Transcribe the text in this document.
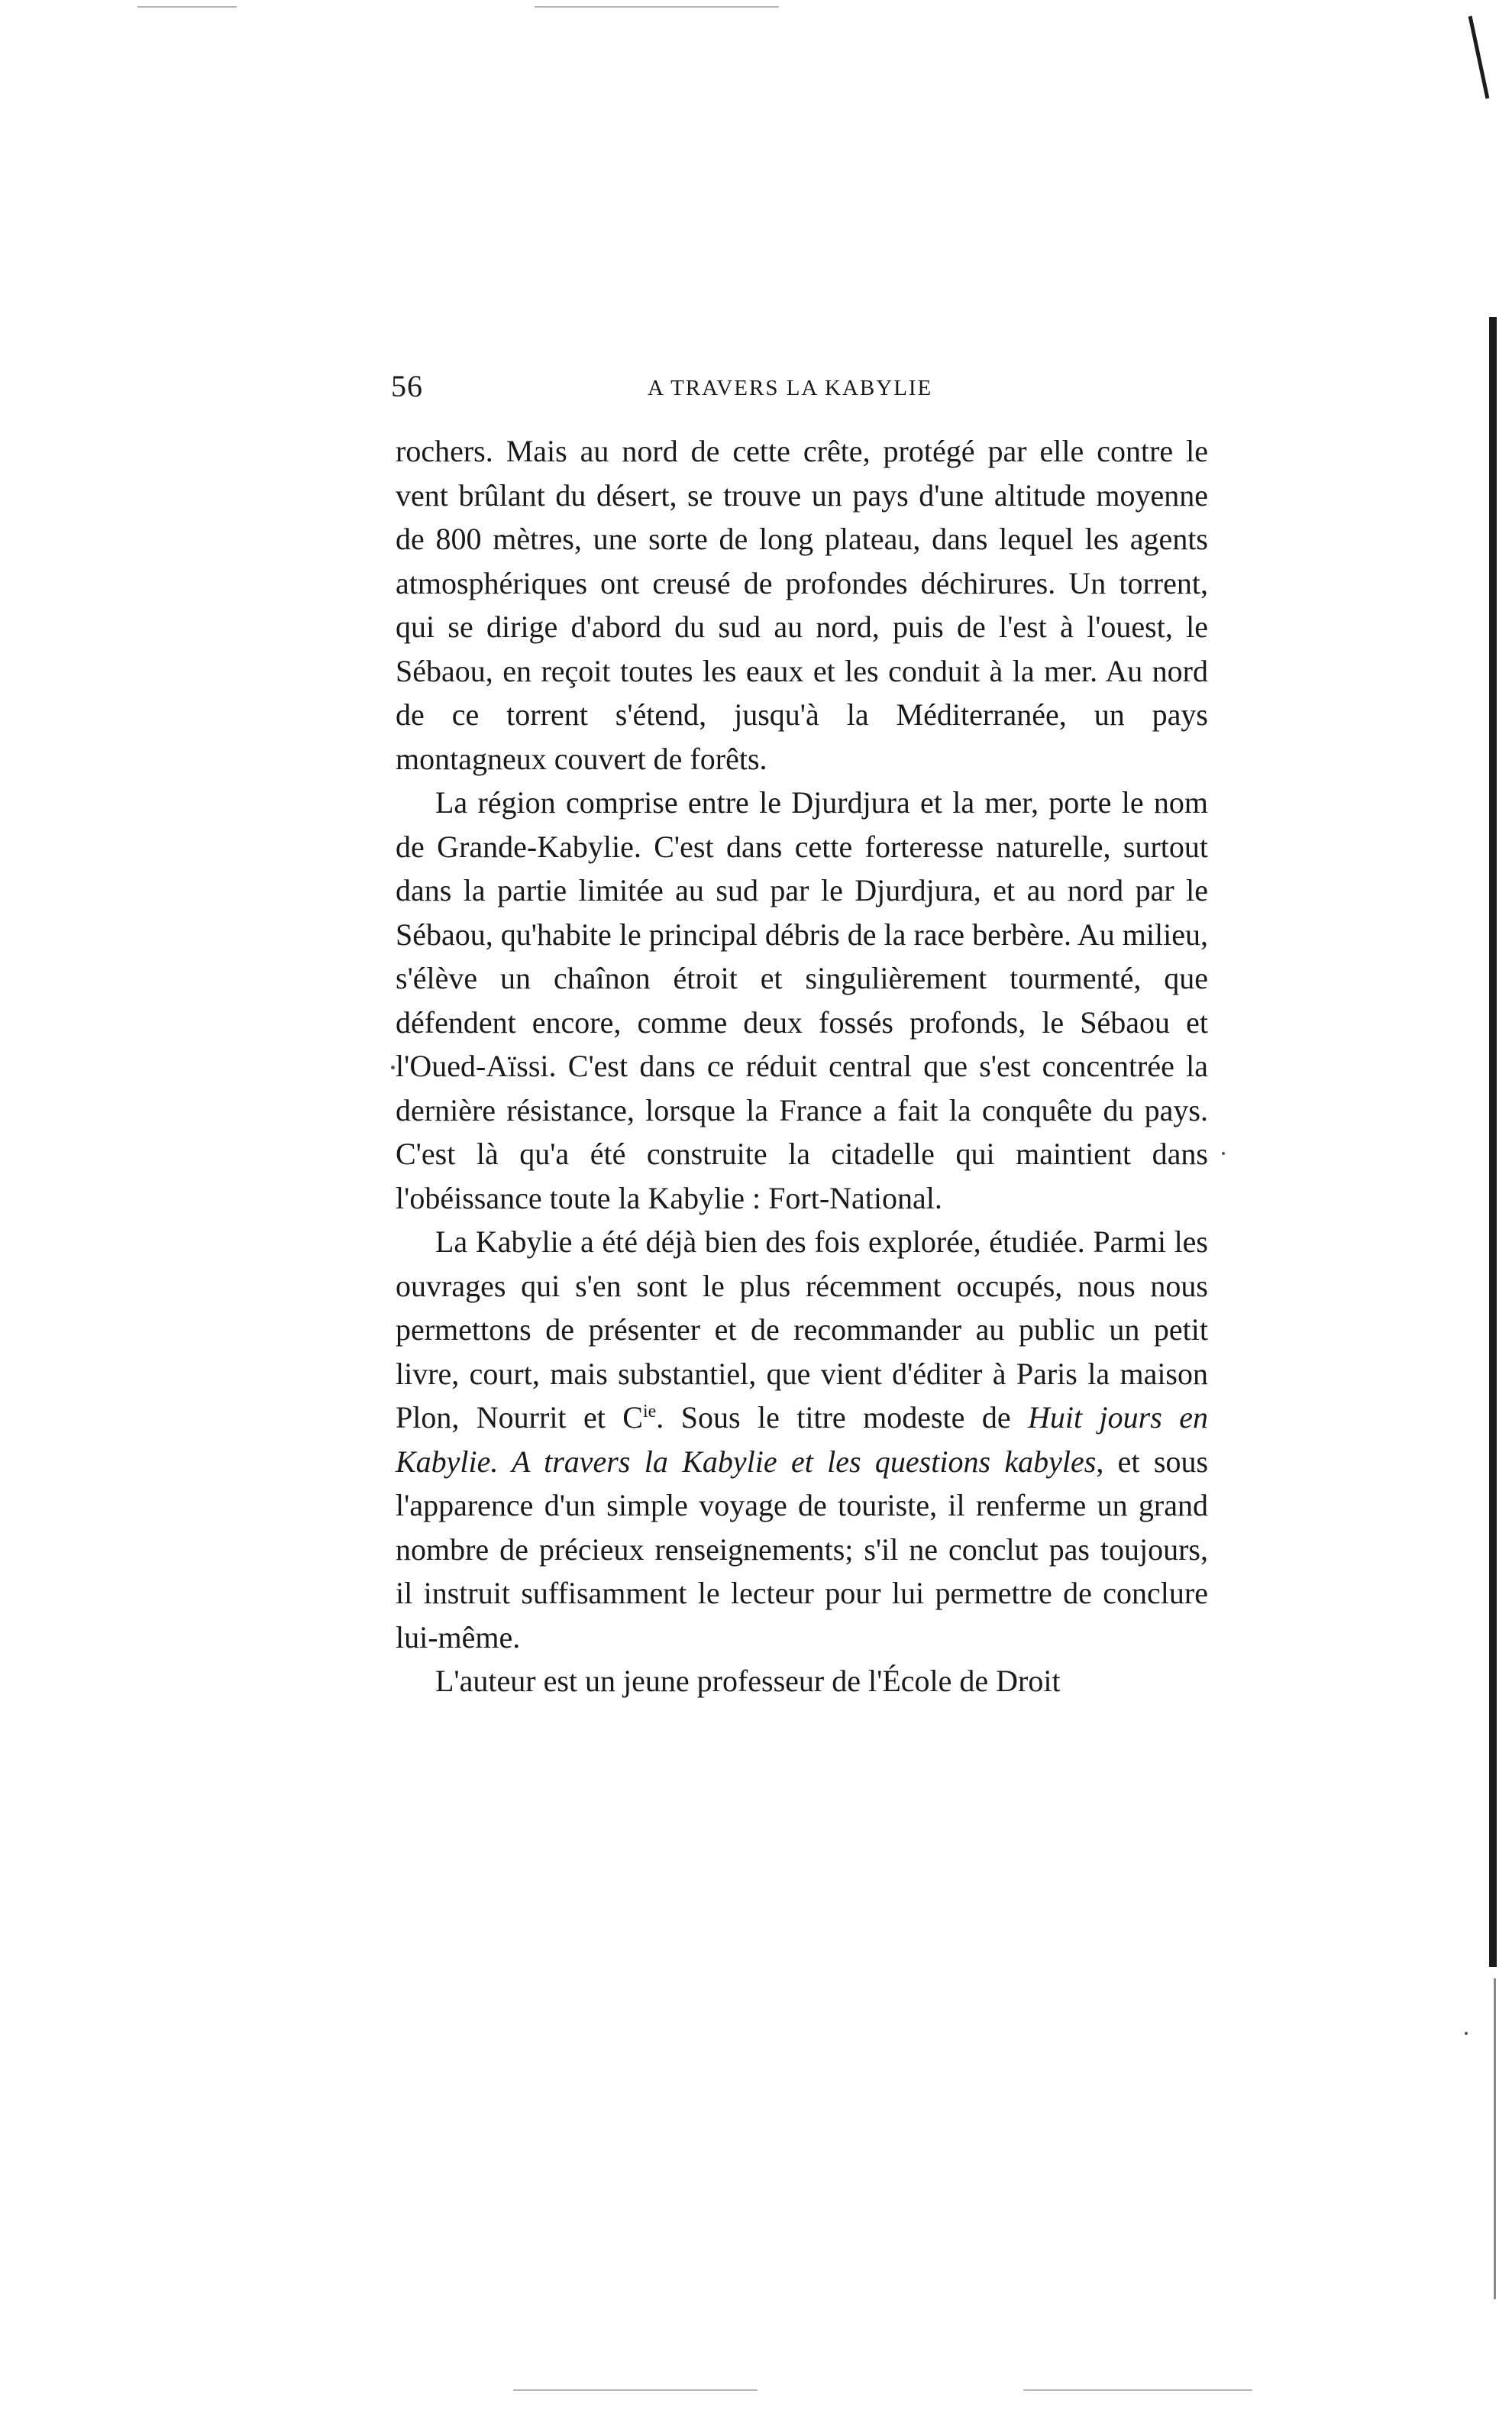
56	A TRAVERS LA KABYLIE

rochers. Mais au nord de cette crête, protégé par elle contre le vent brûlant du désert, se trouve un pays d'une altitude moyenne de 800 mètres, une sorte de long plateau, dans lequel les agents atmosphériques ont creusé de profondes déchirures. Un torrent, qui se dirige d'abord du sud au nord, puis de l'est à l'ouest, le Sébaou, en reçoit toutes les eaux et les conduit à la mer. Au nord de ce torrent s'étend, jusqu'à la Méditerranée, un pays montagneux couvert de forêts.

La région comprise entre le Djurdjura et la mer, porte le nom de Grande-Kabylie. C'est dans cette forteresse naturelle, surtout dans la partie limitée au sud par le Djurdjura, et au nord par le Sébaou, qu'habite le principal débris de la race berbère. Au milieu, s'élève un chaînon étroit et singulièrement tourmenté, que défendent encore, comme deux fossés profonds, le Sébaou et l'Oued-Aïssi. C'est dans ce réduit central que s'est concentrée la dernière résistance, lorsque la France a fait la conquête du pays. C'est là qu'a été construite la citadelle qui maintient dans l'obéissance toute la Kabylie : Fort-National.

La Kabylie a été déjà bien des fois explorée, étudiée. Parmi les ouvrages qui s'en sont le plus récemment occupés, nous nous permettons de présenter et de recommander au public un petit livre, court, mais substantiel, que vient d'éditer à Paris la maison Plon, Nourrit et $C^{ie}$. Sous le titre modeste de Huit jours en Kabylie. A travers la Kabylie et les questions kabyles, et sous l'apparence d'un simple voyage de touriste, il renferme un grand nombre de précieux renseignements; s'il ne conclut pas toujours, il instruit suffisamment le lecteur pour lui permettre de conclure lui-même.

L'auteur est un jeune professeur de l'École de Droit
